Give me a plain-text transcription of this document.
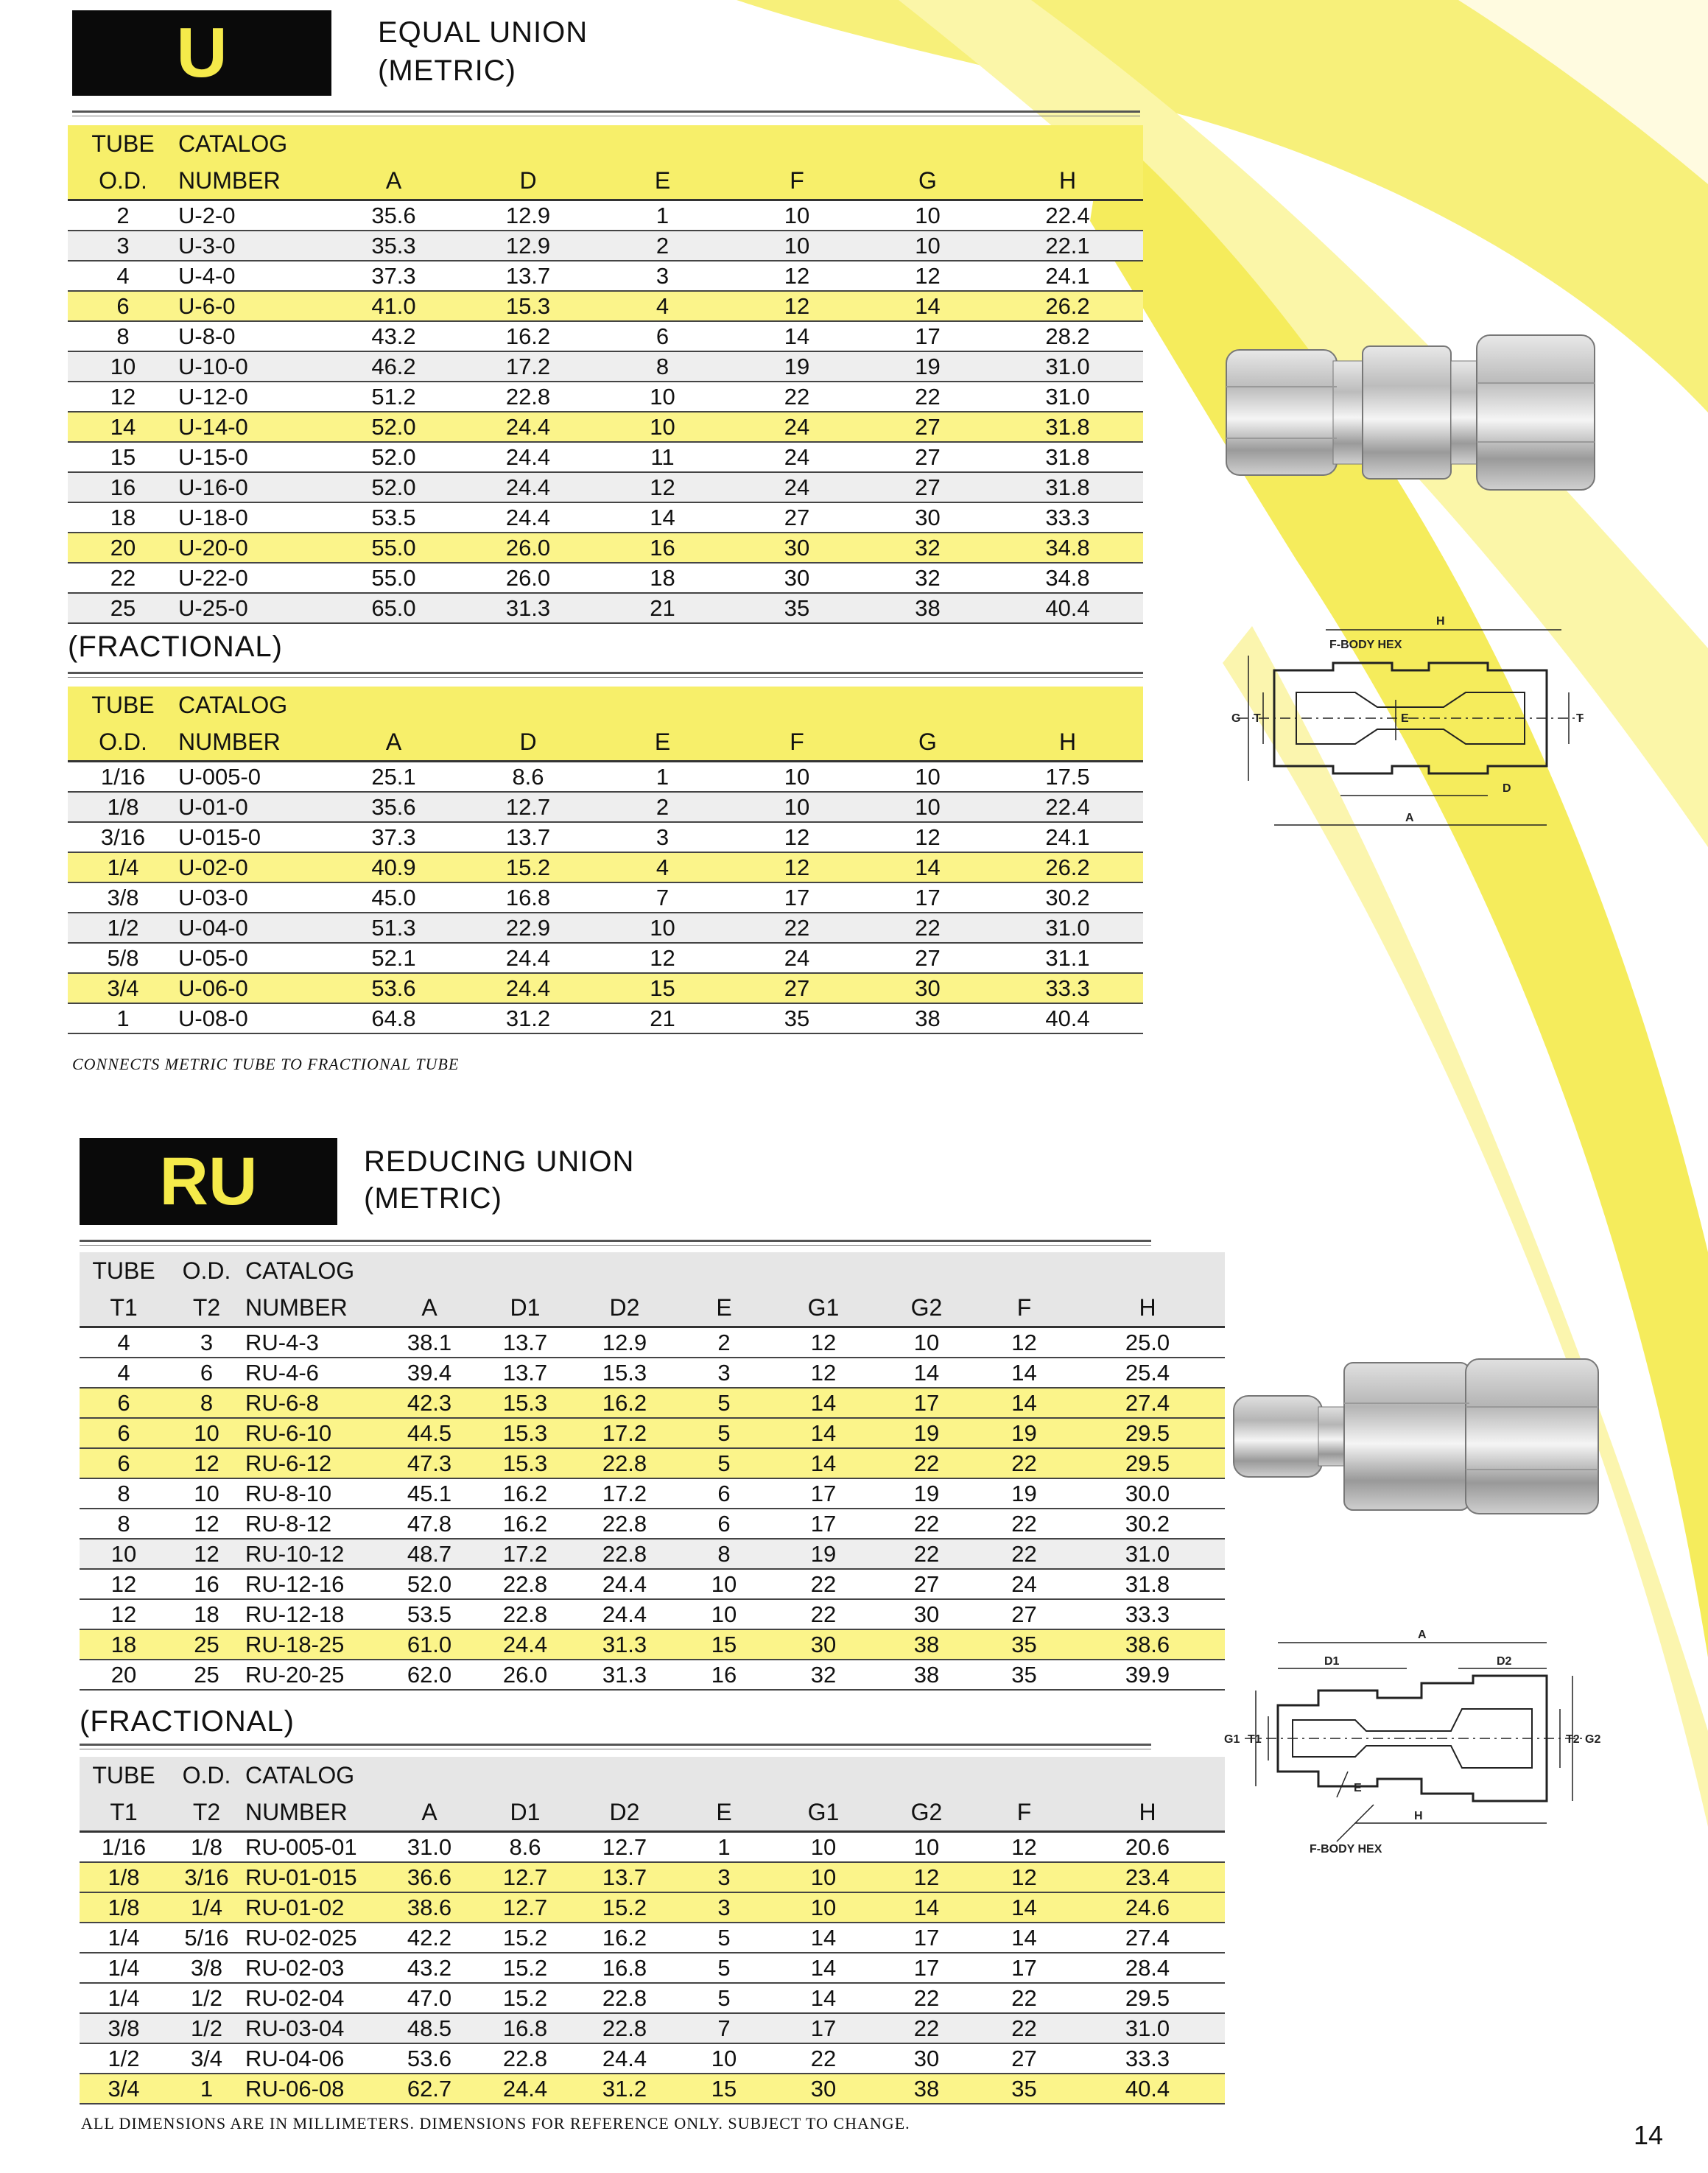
U	EQUAL UNION
(METRIC)
TUBE	CATALOG						
O.D.	NUMBER	A	D	E	F	G	H
2	U-2-0	35.6	12.9	1	10	10	22.4
3	U-3-0	35.3	12.9	2	10	10	22.1
4	U-4-0	37.3	13.7	3	12	12	24.1
6	U-6-0	41.0	15.3	4	12	14	26.2
8	U-8-0	43.2	16.2	6	14	17	28.2
10	U-10-0	46.2	17.2	8	19	19	31.0
12	U-12-0	51.2	22.8	10	22	22	31.0
14	U-14-0	52.0	24.4	10	24	27	31.8
15	U-15-0	52.0	24.4	11	24	27	31.8
16	U-16-0	52.0	24.4	12	24	27	31.8
18	U-18-0	53.5	24.4	14	27	30	33.3
20	U-20-0	55.0	26.0	16	30	32	34.8
22	U-22-0	55.0	26.0	18	30	32	34.8
25	U-25-0	65.0	31.3	21	35	38	40.4
(FRACTIONAL)
TUBE	CATALOG						
O.D.	NUMBER	A	D	E	F	G	H
1/16	U-005-0	25.1	8.6	1	10	10	17.5
1/8	U-01-0	35.6	12.7	2	10	10	22.4
3/16	U-015-0	37.3	13.7	3	12	12	24.1
1/4	U-02-0	40.9	15.2	4	12	14	26.2
3/8	U-03-0	45.0	16.8	7	17	17	30.2
1/2	U-04-0	51.3	22.9	10	22	22	31.0
5/8	U-05-0	52.1	24.4	12	24	27	31.1
3/4	U-06-0	53.6	24.4	15	27	30	33.3
1	U-08-0	64.8	31.2	21	35	38	40.4
CONNECTS METRIC TUBE TO FRACTIONAL TUBE
H
F-BODY HEX
G T	T
E
D
A
RU	REDUCING UNION
(METRIC)
TUBE	O.D.	CATALOG								
T1	T2	NUMBER	A	D1	D2	E	G1	G2	F	H
4	3	RU-4-3	38.1	13.7	12.9	2	12	10	12	25.0
4	6	RU-4-6	39.4	13.7	15.3	3	12	14	14	25.4
6	8	RU-6-8	42.3	15.3	16.2	5	14	17	14	27.4
6	10	RU-6-10	44.5	15.3	17.2	5	14	19	19	29.5
6	12	RU-6-12	47.3	15.3	22.8	5	14	22	22	29.5
8	10	RU-8-10	45.1	16.2	17.2	6	17	19	19	30.0
8	12	RU-8-12	47.8	16.2	22.8	6	17	22	22	30.2
10	12	RU-10-12	48.7	17.2	22.8	8	19	22	22	31.0
12	16	RU-12-16	52.0	22.8	24.4	10	22	27	24	31.8
12	18	RU-12-18	53.5	22.8	24.4	10	22	30	27	33.3
18	25	RU-18-25	61.0	24.4	31.3	15	30	38	35	38.6
20	25	RU-20-25	62.0	26.0	31.3	16	32	38	35	39.9
(FRACTIONAL)
TUBE	O.D.	CATALOG								
T1	T2	NUMBER	A	D1	D2	E	G1	G2	F	H
1/16	1/8	RU-005-01	31.0	8.6	12.7	1	10	10	12	20.6
1/8	3/16	RU-01-015	36.6	12.7	13.7	3	10	12	12	23.4
1/8	1/4	RU-01-02	38.6	12.7	15.2	3	10	14	14	24.6
1/4	5/16	RU-02-025	42.2	15.2	16.2	5	14	17	14	27.4
1/4	3/8	RU-02-03	43.2	15.2	16.8	5	14	17	17	28.4
1/4	1/2	RU-02-04	47.0	15.2	22.8	5	14	22	22	29.5
3/8	1/2	RU-03-04	48.5	16.8	22.8	7	17	22	22	31.0
1/2	3/4	RU-04-06	53.6	22.8	24.4	10	22	30	27	33.3
3/4	1	RU-06-08	62.7	24.4	31.2	15	30	38	35	40.4
ALL DIMENSIONS ARE IN MILLIMETERS. DIMENSIONS FOR REFERENCE ONLY. SUBJECT TO CHANGE.	14
A
D1	D2
G1 T1	T2 G2
E
H
F-BODY HEX
